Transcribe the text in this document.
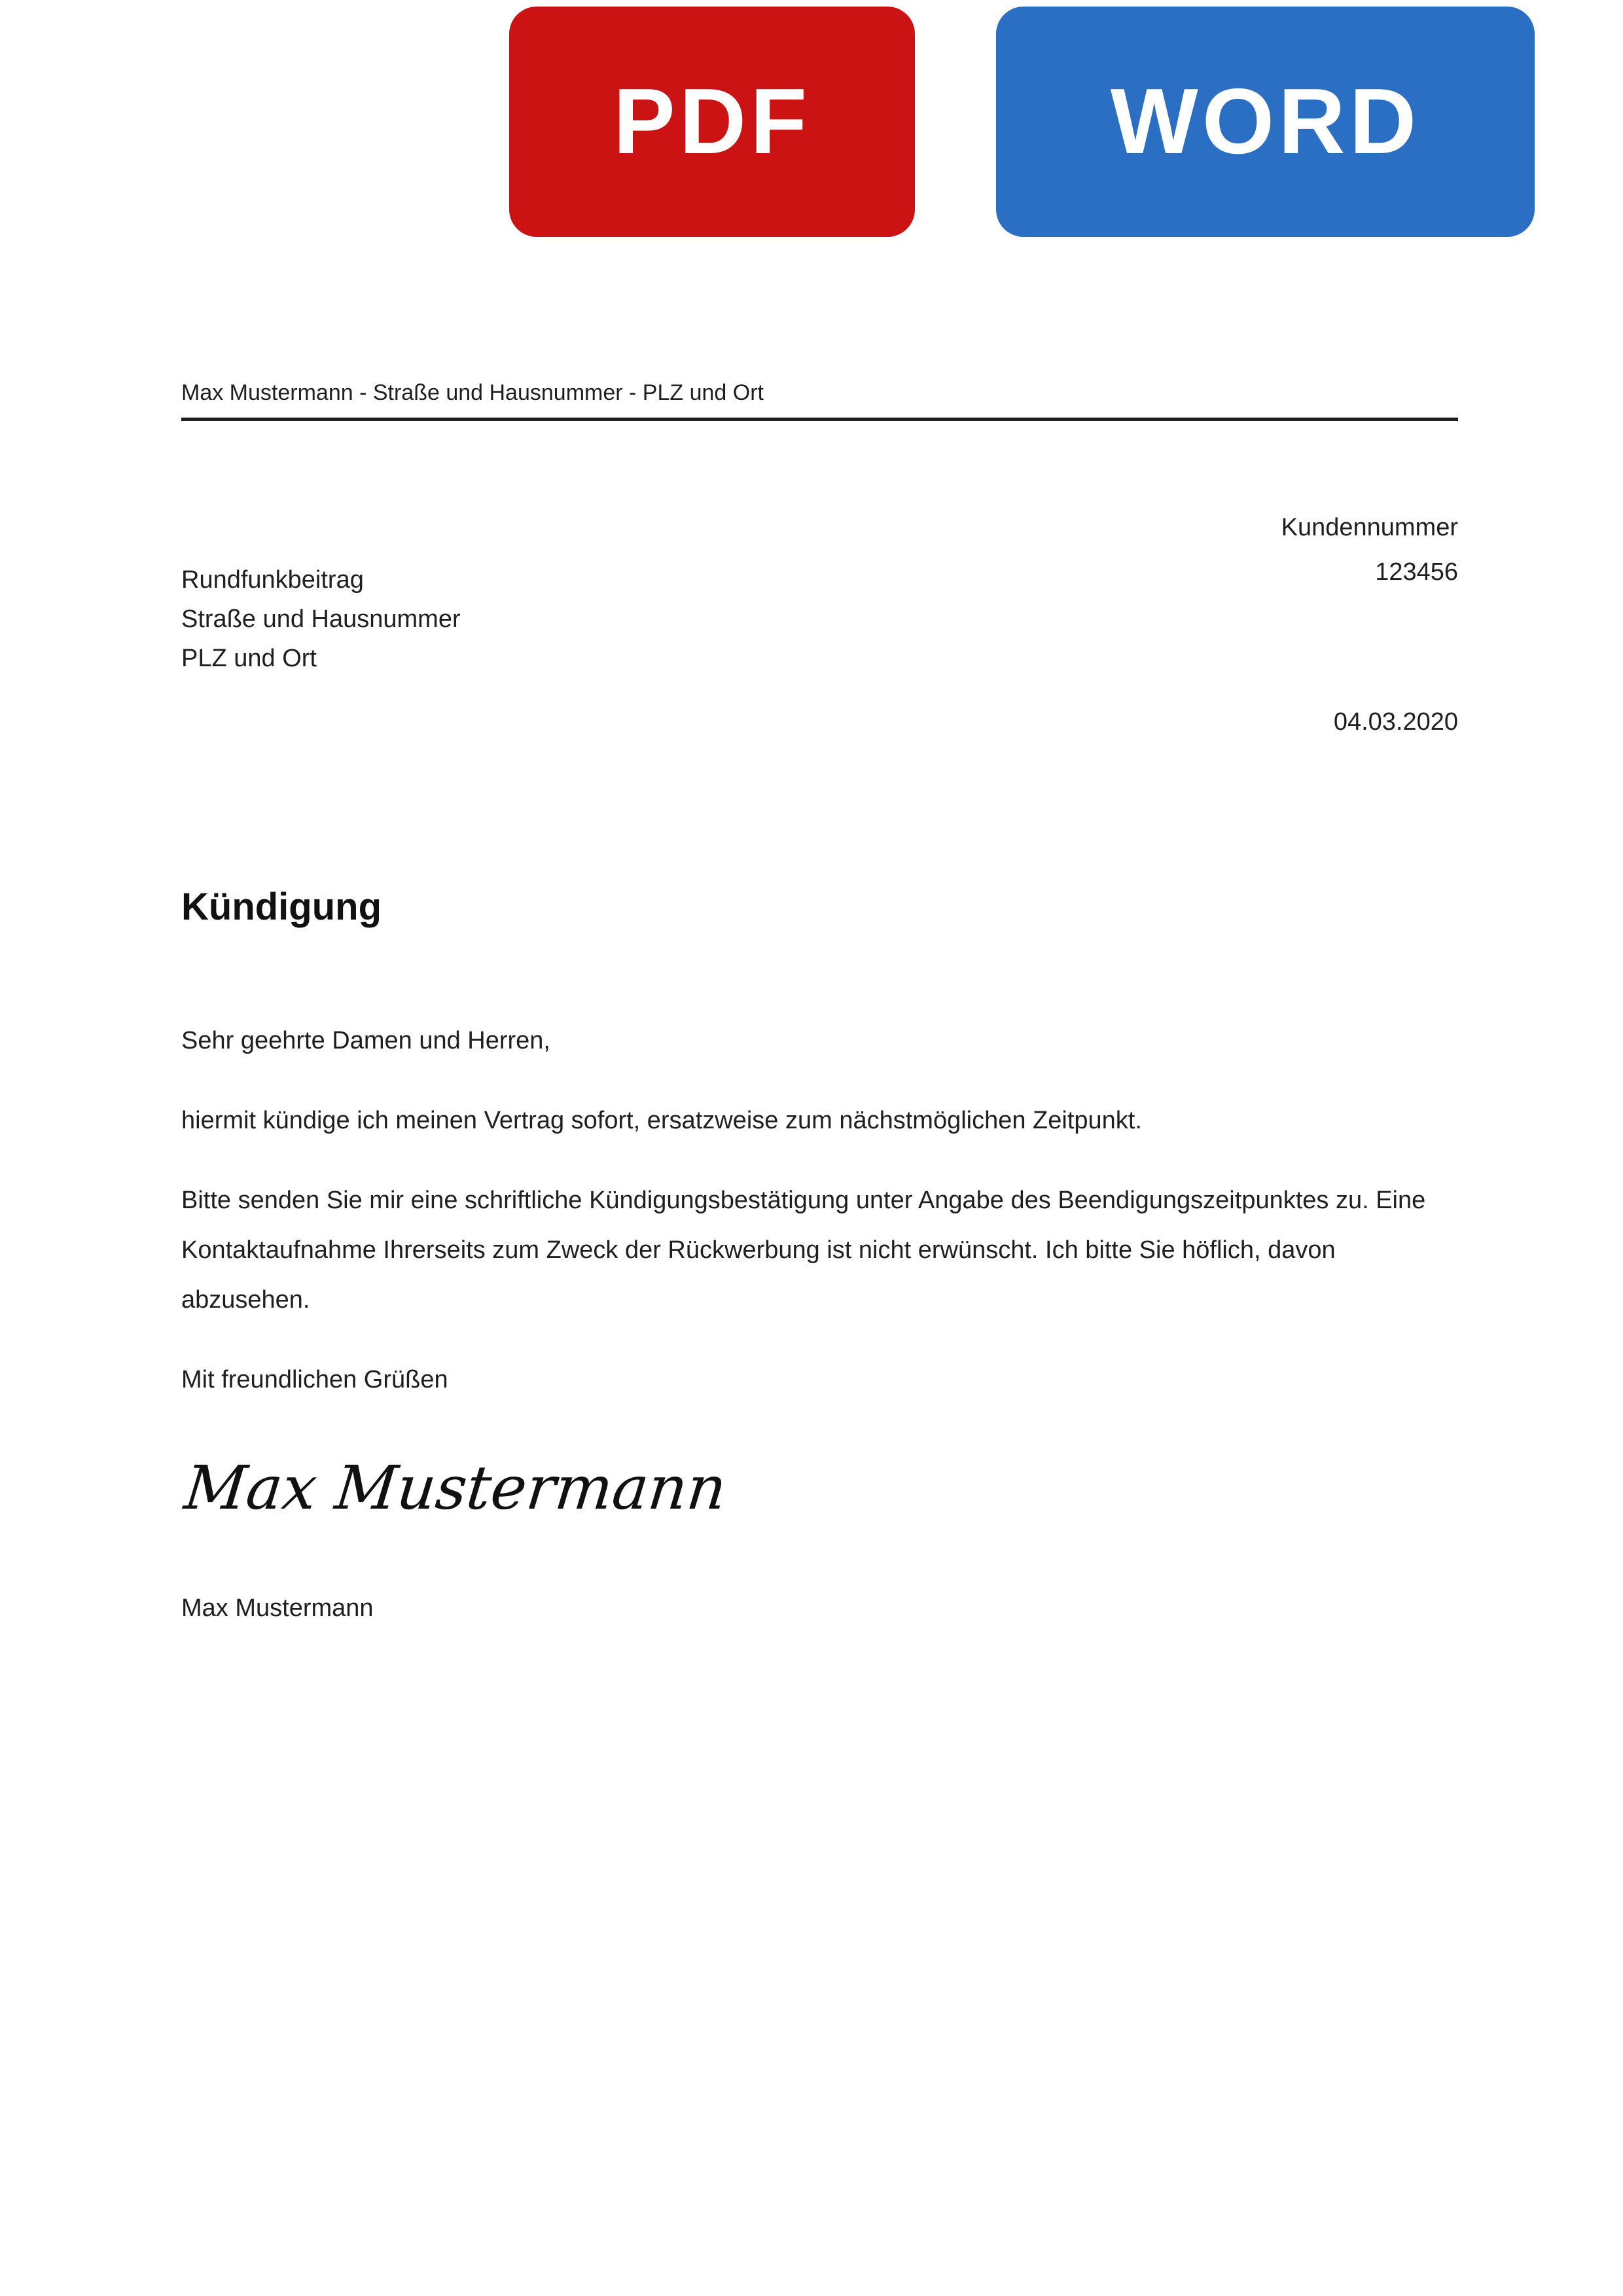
PDF	WORD
Max Mustermann - Straße und Hausnummer - PLZ und Ort
Kundennummer
123456
Rundfunkbeitrag
Straße und Hausnummer
PLZ und Ort
04.03.2020
Kündigung

Sehr geehrte Damen und Herren,

hiermit kündige ich meinen Vertrag sofort, ersatzweise zum nächstmöglichen Zeitpunkt.

Bitte senden Sie mir eine schriftliche Kündigungsbestätigung unter Angabe des Beendigungszeitpunktes zu. Eine Kontaktaufnahme Ihrerseits zum Zweck der Rückwerbung ist nicht erwünscht. Ich bitte Sie höflich, davon abzusehen.

Mit freundlichen Grüßen

Max Mustermann
Max Mustermann
